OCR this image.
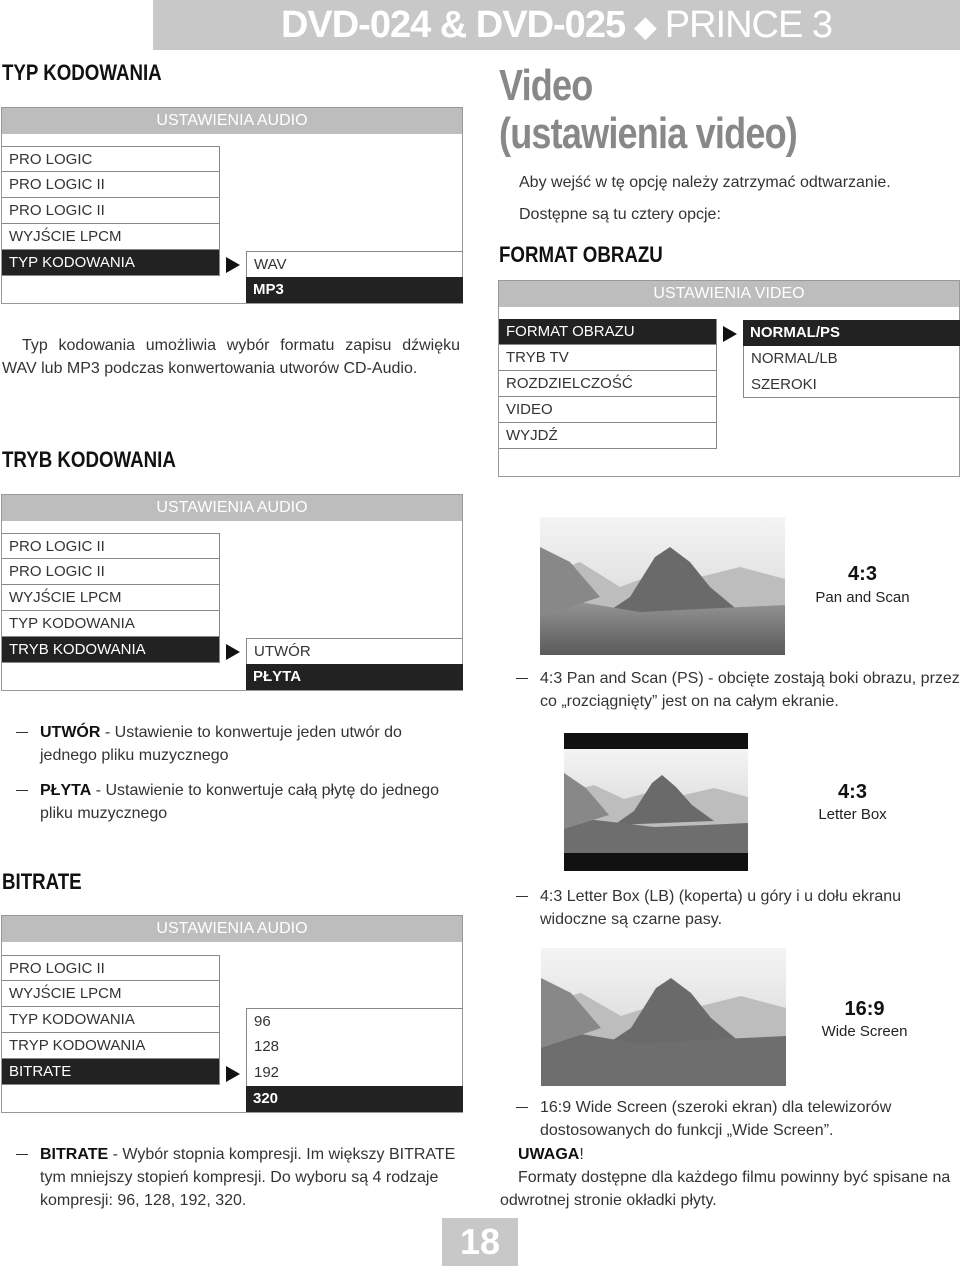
DVD-024 & DVD-025 ◆ PRINCE 3
TYP KODOWANIA
USTAWIENIA AUDIO
PRO LOGIC
PRO LOGIC II
PRO LOGIC II
WYJŚCIE LPCM
TYP KODOWANIA	WAV
MP3
Typ kodowania umożliwia wybór formatu zapisu dźwięku WAV lub MP3 podczas konwertowania utworów CD-Audio.
TRYB KODOWANIA
USTAWIENIA AUDIO
PRO LOGIC II
PRO LOGIC II
WYJŚCIE LPCM
TYP KODOWANIA
TRYB KODOWANIA	UTWÓR
PŁYTA
UTWÓR - Ustawienie to konwertuje jeden utwór do jednego pliku muzycznego
PŁYTA - Ustawienie to konwertuje całą płytę do jednego pliku muzycznego
BITRATE
USTAWIENIA AUDIO
PRO LOGIC II
WYJŚCIE LPCM
TYP KODOWANIA
TRYP KODOWANIA
BITRATE
96
128
192
320
BITRATE - Wybór stopnia kompresji. Im większy BITRATE tym mniejszy stopień kompresji. Do wyboru są 4 rodzaje kompresji: 96, 128, 192, 320.
Video
(ustawienia video)
Aby wejść w tę opcję należy zatrzymać odtwarzanie.
Dostępne są tu cztery opcje:
FORMAT OBRAZU
USTAWIENIA VIDEO
FORMAT OBRAZU
TRYB TV
ROZDZIELCZOŚĆ
VIDEO
WYJDŹ
NORMAL/PS
NORMAL/LB
SZEROKI
4:3
Pan and Scan
4:3 Pan and Scan (PS) - obcięte zostają boki obrazu, przez co „rozciągnięty” jest on na całym ekranie.
4:3
Letter Box
4:3 Letter Box (LB) (koperta) u góry i u dołu ekranu widoczne są czarne pasy.
16:9
Wide Screen
16:9 Wide Screen (szeroki ekran) dla telewizorów dostosowanych do funkcji „Wide Screen”.
UWAGA!
Formaty dostępne dla każdego filmu powinny być spisane na odwrotnej stronie okładki płyty.
18
